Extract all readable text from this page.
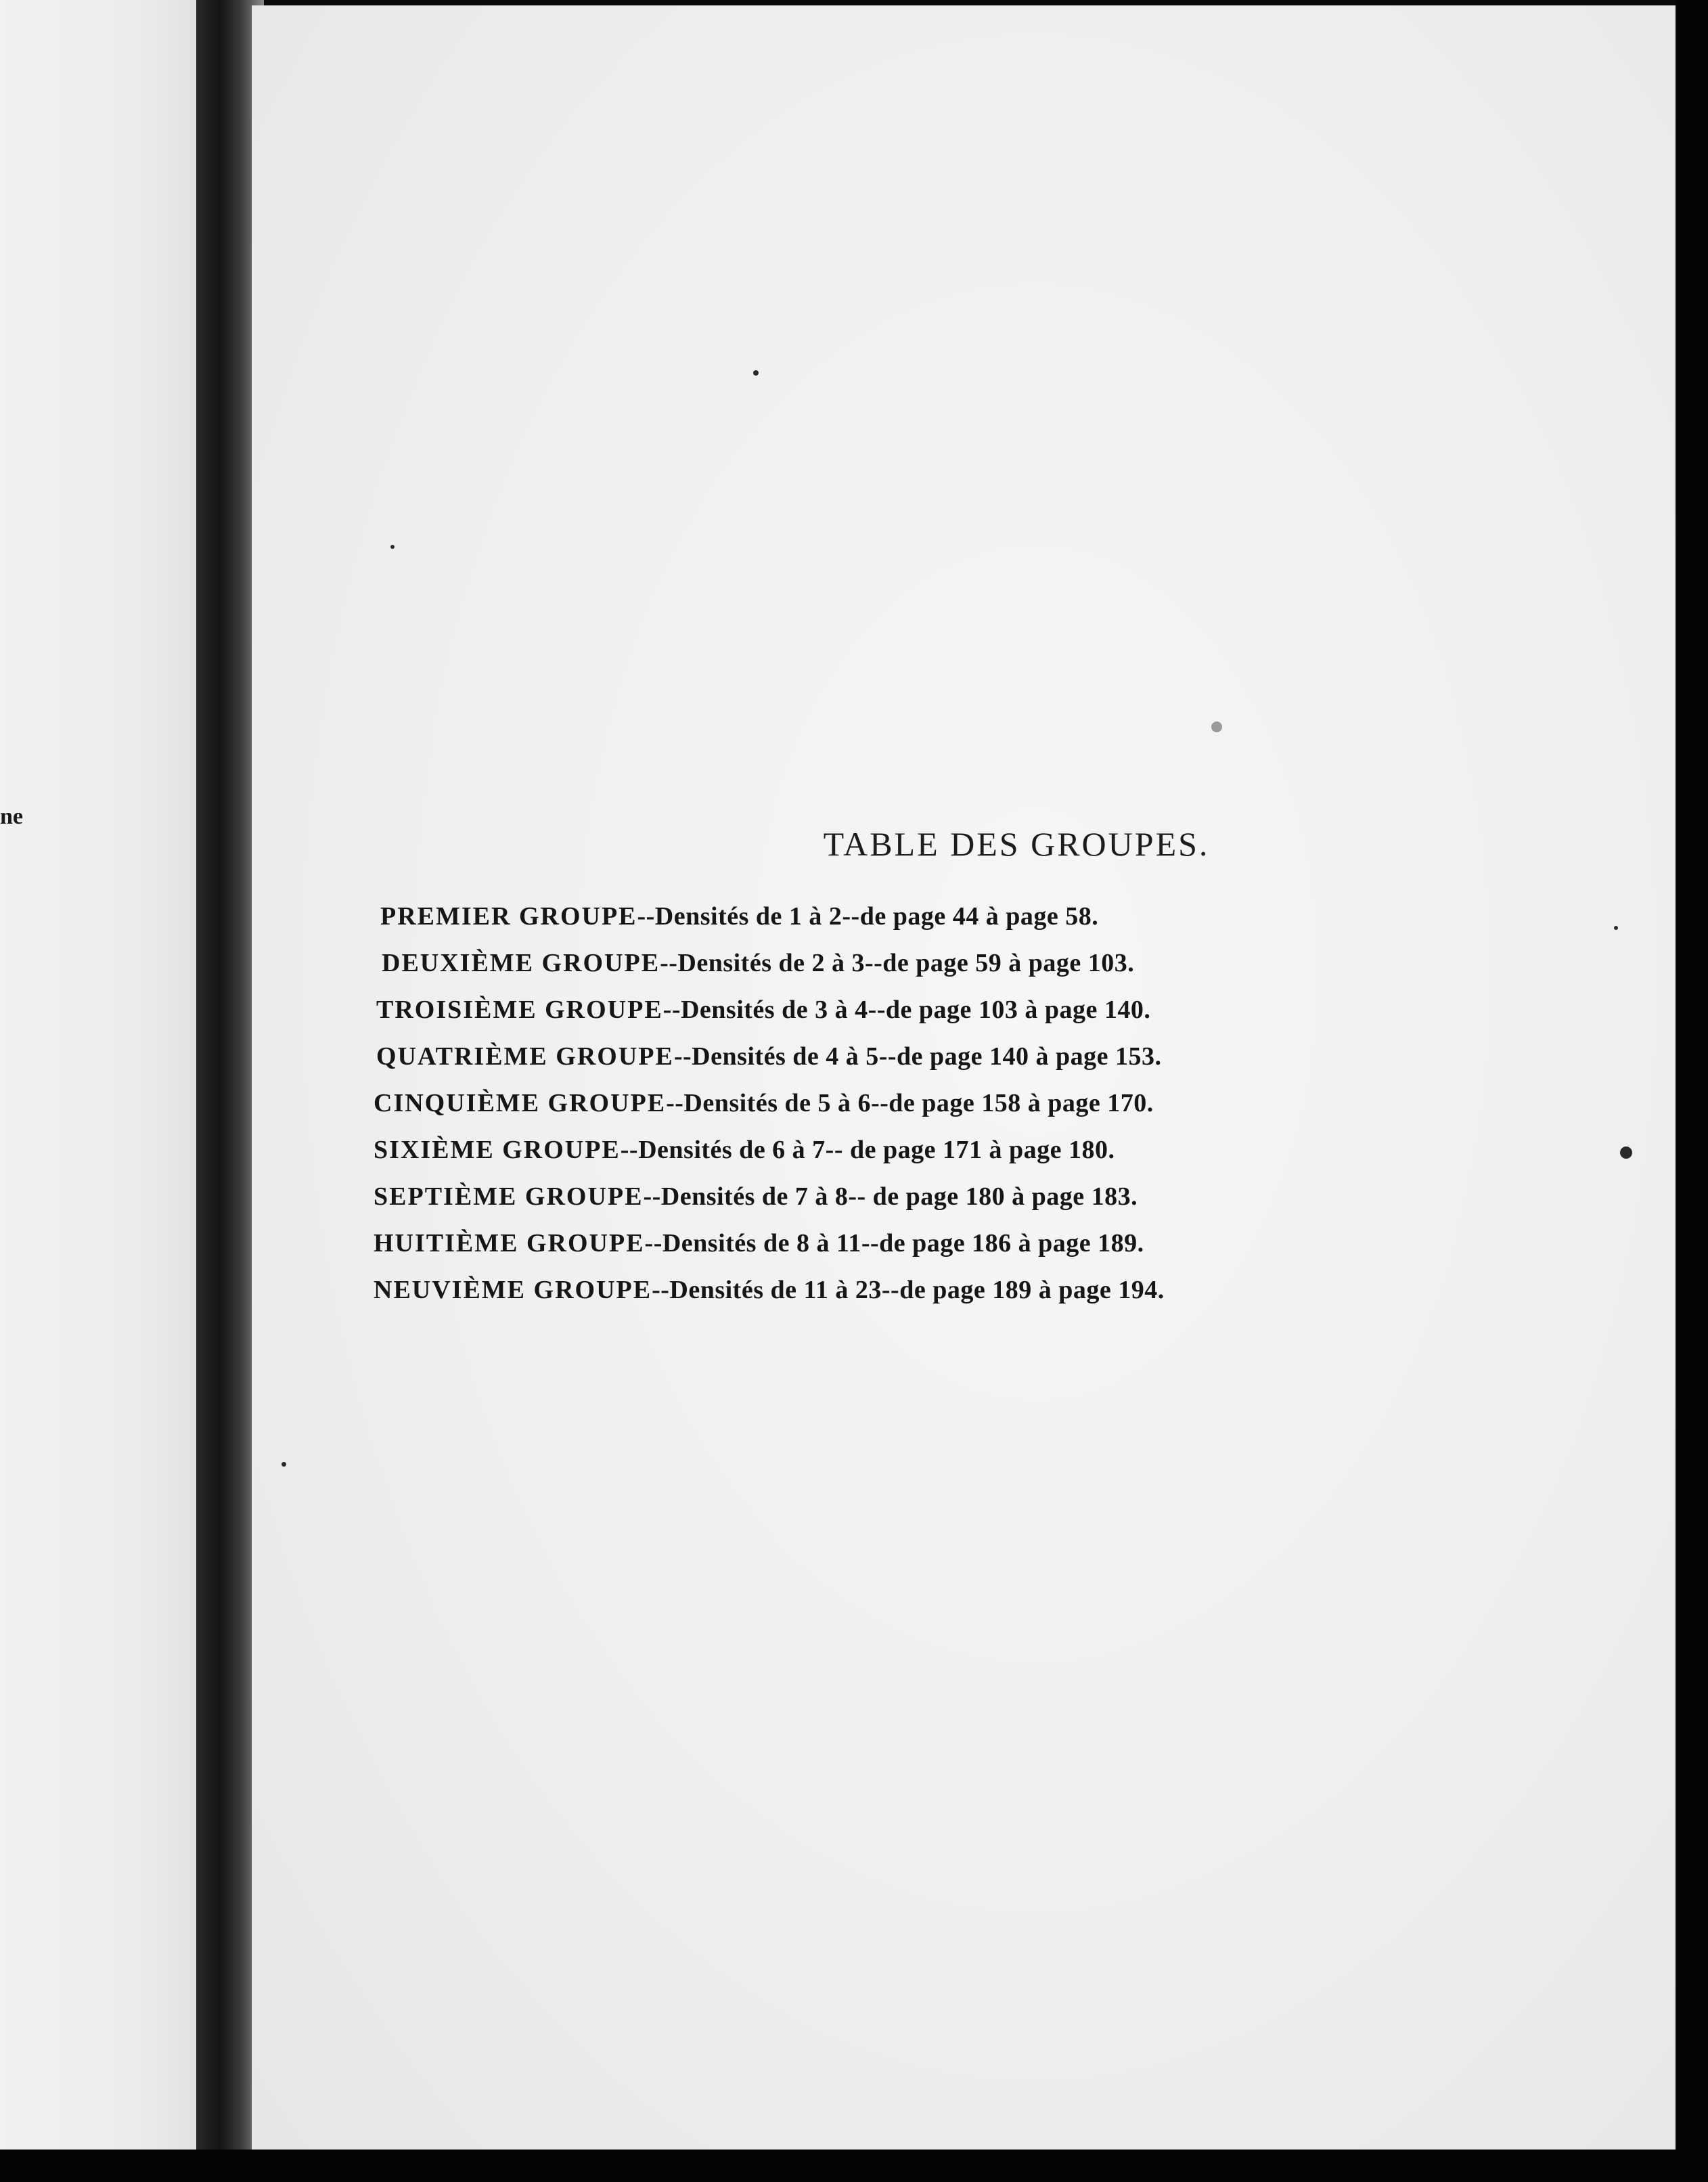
ne
TABLE DES GROUPES.
PREMIER GROUPE--Densités de 1 à 2--de page 44 à page 58.
DEUXIÈME GROUPE--Densités de 2 à 3--de page 59 à page 103.
TROISIÈME GROUPE--Densités de 3 à 4--de page 103 à page 140.
QUATRIÈME GROUPE--Densités de 4 à 5--de page 140 à page 153.
CINQUIÈME GROUPE--Densités de 5 à 6--de page 158 à page 170.
SIXIÈME GROUPE--Densités de 6 à 7-- de page 171 à page 180.
SEPTIÈME GROUPE--Densités de 7 à 8-- de page 180 à page 183.
HUITIÈME GROUPE--Densités de 8 à 11--de page 186 à page 189.
NEUVIÈME GROUPE--Densités de 11 à 23--de page 189 à page 194.
